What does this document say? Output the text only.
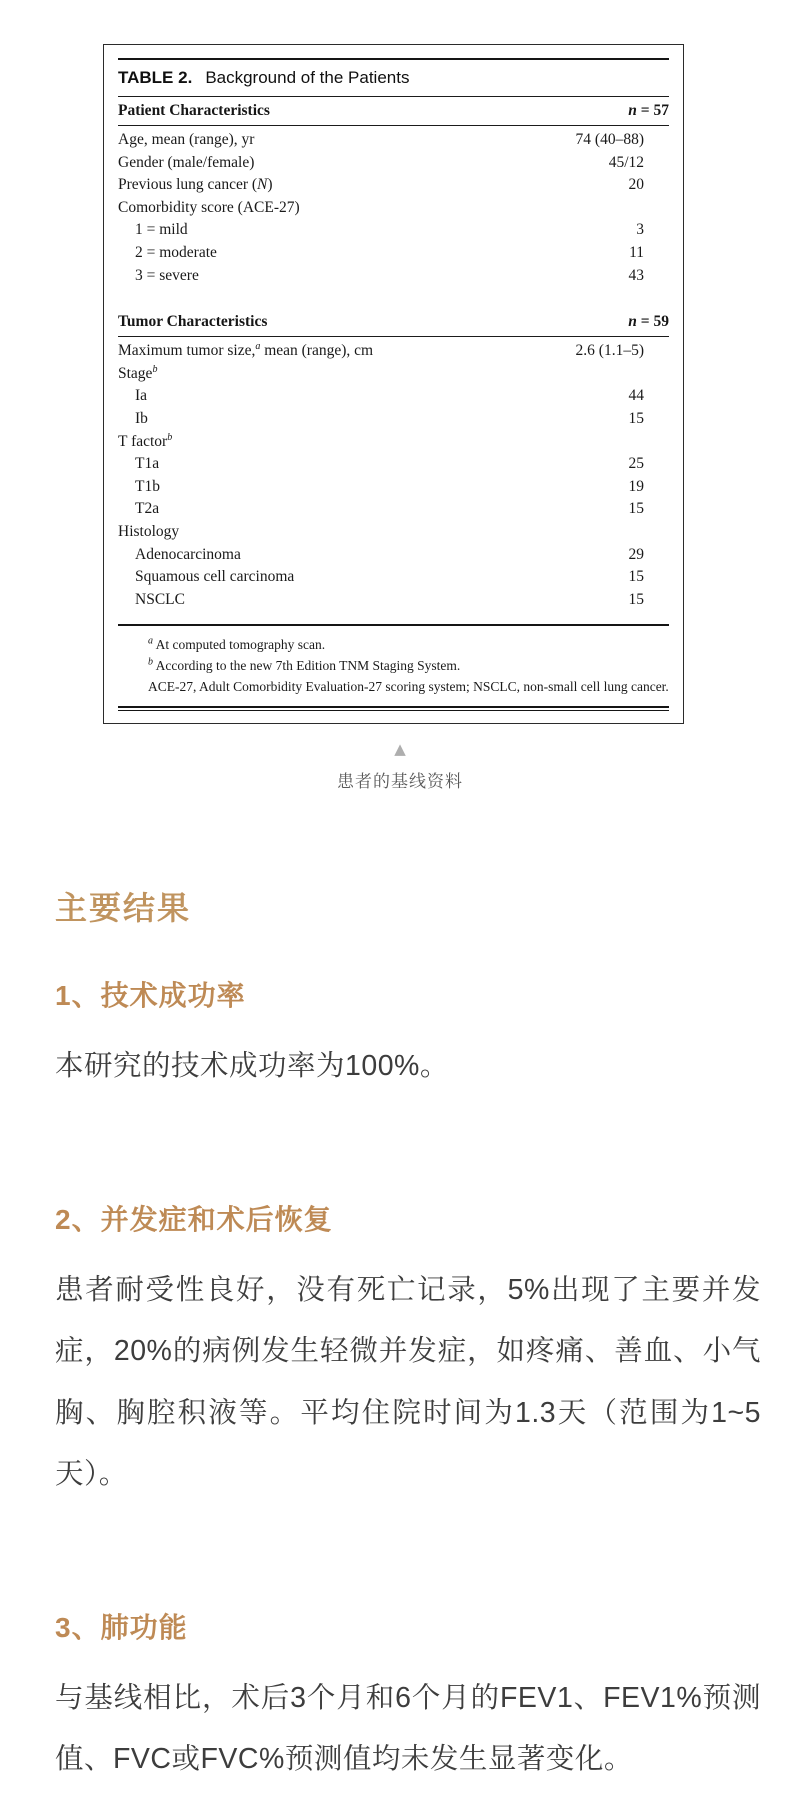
TABLE 2. Background of the Patients
Patient Characteristics	n = 57
Age, mean (range), yr	74 (40–88)
Gender (male/female)	45/12
Previous lung cancer (N)	20
Comorbidity score (ACE-27)
1 = mild	3
2 = moderate	11
3 = severe	43
Tumor Characteristics	n = 59
Maximum tumor size,$^a$ mean (range), cm	2.6 (1.1–5)
Stage$^b$
Ia	44
Ib	15
T factor$^b$
T1a	25
T1b	19
T2a	15
Histology
Adenocarcinoma	29
Squamous cell carcinoma	15
NSCLC	15
$^a$ At computed tomography scan.
$^b$ According to the new 7th Edition TNM Staging System.
ACE-27, Adult Comorbidity Evaluation-27 scoring system; NSCLC, non-small cell lung cancer.
▲
患者的基线资料
主要结果
1、技术成功率

本研究的技术成功率为100%。

2、并发症和术后恢复

患者耐受性良好，没有死亡记录，5%出现了主要并发症，20%的病例发生轻微并发症，如疼痛、善血、小气胸、胸腔积液等。平均住院时间为1.3天（范围为1~5天）。

3、肺功能

与基线相比，术后3个月和6个月的FEV1、FEV1%预测值、FVC或FVC%预测值均未发生显著变化。
